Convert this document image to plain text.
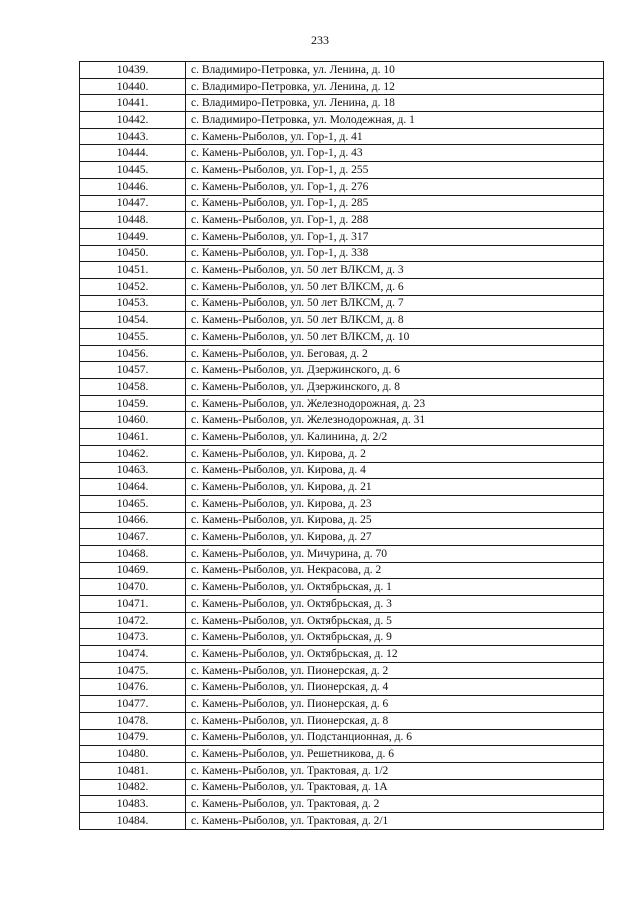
233
10439.	с. Владимиро-Петровка, ул. Ленина, д. 10
10440.	с. Владимиро-Петровка, ул. Ленина, д. 12
10441.	с. Владимиро-Петровка, ул. Ленина, д. 18
10442.	с. Владимиро-Петровка, ул. Молодежная, д. 1
10443.	с. Камень-Рыболов, ул. Гор-1, д. 41
10444.	с. Камень-Рыболов, ул. Гор-1, д. 43
10445.	с. Камень-Рыболов, ул. Гор-1, д. 255
10446.	с. Камень-Рыболов, ул. Гор-1, д. 276
10447.	с. Камень-Рыболов, ул. Гор-1, д. 285
10448.	с. Камень-Рыболов, ул. Гор-1, д. 288
10449.	с. Камень-Рыболов, ул. Гор-1, д. 317
10450.	с. Камень-Рыболов, ул. Гор-1, д. 338
10451.	с. Камень-Рыболов, ул. 50 лет ВЛКСМ, д. 3
10452.	с. Камень-Рыболов, ул. 50 лет ВЛКСМ, д. 6
10453.	с. Камень-Рыболов, ул. 50 лет ВЛКСМ, д. 7
10454.	с. Камень-Рыболов, ул. 50 лет ВЛКСМ, д. 8
10455.	с. Камень-Рыболов, ул. 50 лет ВЛКСМ, д. 10
10456.	с. Камень-Рыболов, ул. Беговая, д. 2
10457.	с. Камень-Рыболов, ул. Дзержинского, д. 6
10458.	с. Камень-Рыболов, ул. Дзержинского, д. 8
10459.	с. Камень-Рыболов, ул. Железнодорожная, д. 23
10460.	с. Камень-Рыболов, ул. Железнодорожная, д. 31
10461.	с. Камень-Рыболов, ул. Калинина, д. 2/2
10462.	с. Камень-Рыболов, ул. Кирова, д. 2
10463.	с. Камень-Рыболов, ул. Кирова, д. 4
10464.	с. Камень-Рыболов, ул. Кирова, д. 21
10465.	с. Камень-Рыболов, ул. Кирова, д. 23
10466.	с. Камень-Рыболов, ул. Кирова, д. 25
10467.	с. Камень-Рыболов, ул. Кирова, д. 27
10468.	с. Камень-Рыболов, ул. Мичурина, д. 70
10469.	с. Камень-Рыболов, ул. Некрасова, д. 2
10470.	с. Камень-Рыболов, ул. Октябрьская, д. 1
10471.	с. Камень-Рыболов, ул. Октябрьская, д. 3
10472.	с. Камень-Рыболов, ул. Октябрьская, д. 5
10473.	с. Камень-Рыболов, ул. Октябрьская, д. 9
10474.	с. Камень-Рыболов, ул. Октябрьская, д. 12
10475.	с. Камень-Рыболов, ул. Пионерская, д. 2
10476.	с. Камень-Рыболов, ул. Пионерская, д. 4
10477.	с. Камень-Рыболов, ул. Пионерская, д. 6
10478.	с. Камень-Рыболов, ул. Пионерская, д. 8
10479.	с. Камень-Рыболов, ул. Подстанционная, д. 6
10480.	с. Камень-Рыболов, ул. Решетникова, д. 6
10481.	с. Камень-Рыболов, ул. Трактовая, д. 1/2
10482.	с. Камень-Рыболов, ул. Трактовая, д. 1А
10483.	с. Камень-Рыболов, ул. Трактовая, д. 2
10484.	с. Камень-Рыболов, ул. Трактовая, д. 2/1
